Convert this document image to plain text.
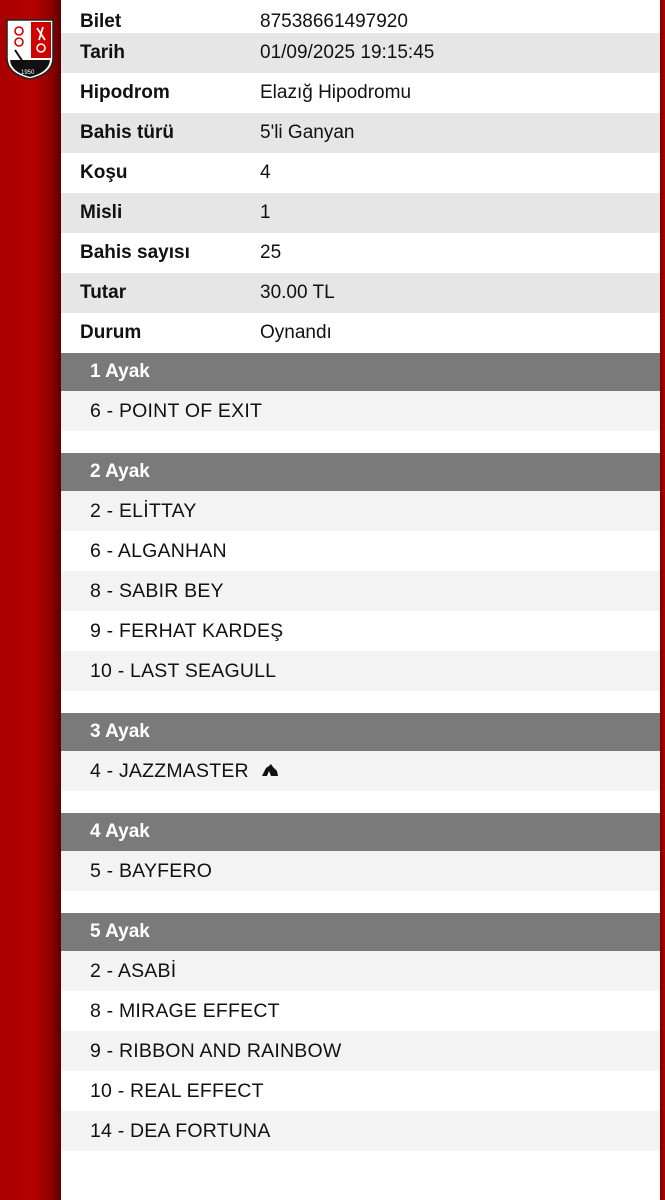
1950
Bilet	87538661497920
Tarih	01/09/2025 19:15:45
Hipodrom	Elazığ Hipodromu
Bahis türü	5'li Ganyan
Koşu	4
Misli	1
Bahis sayısı	25
Tutar	30.00 TL
Durum	Oynandı
1 Ayak
6 - POINT OF EXIT
2 Ayak
2 - ELİTTAY
6 - ALGANHAN
8 - SABIR BEY
9 - FERHAT KARDEŞ
10 - LAST SEAGULL
3 Ayak
4 - JAZZMASTER
4 Ayak
5 - BAYFERO
5 Ayak
2 - ASABİ
8 - MIRAGE EFFECT
9 - RIBBON AND RAINBOW
10 - REAL EFFECT
14 - DEA FORTUNA
